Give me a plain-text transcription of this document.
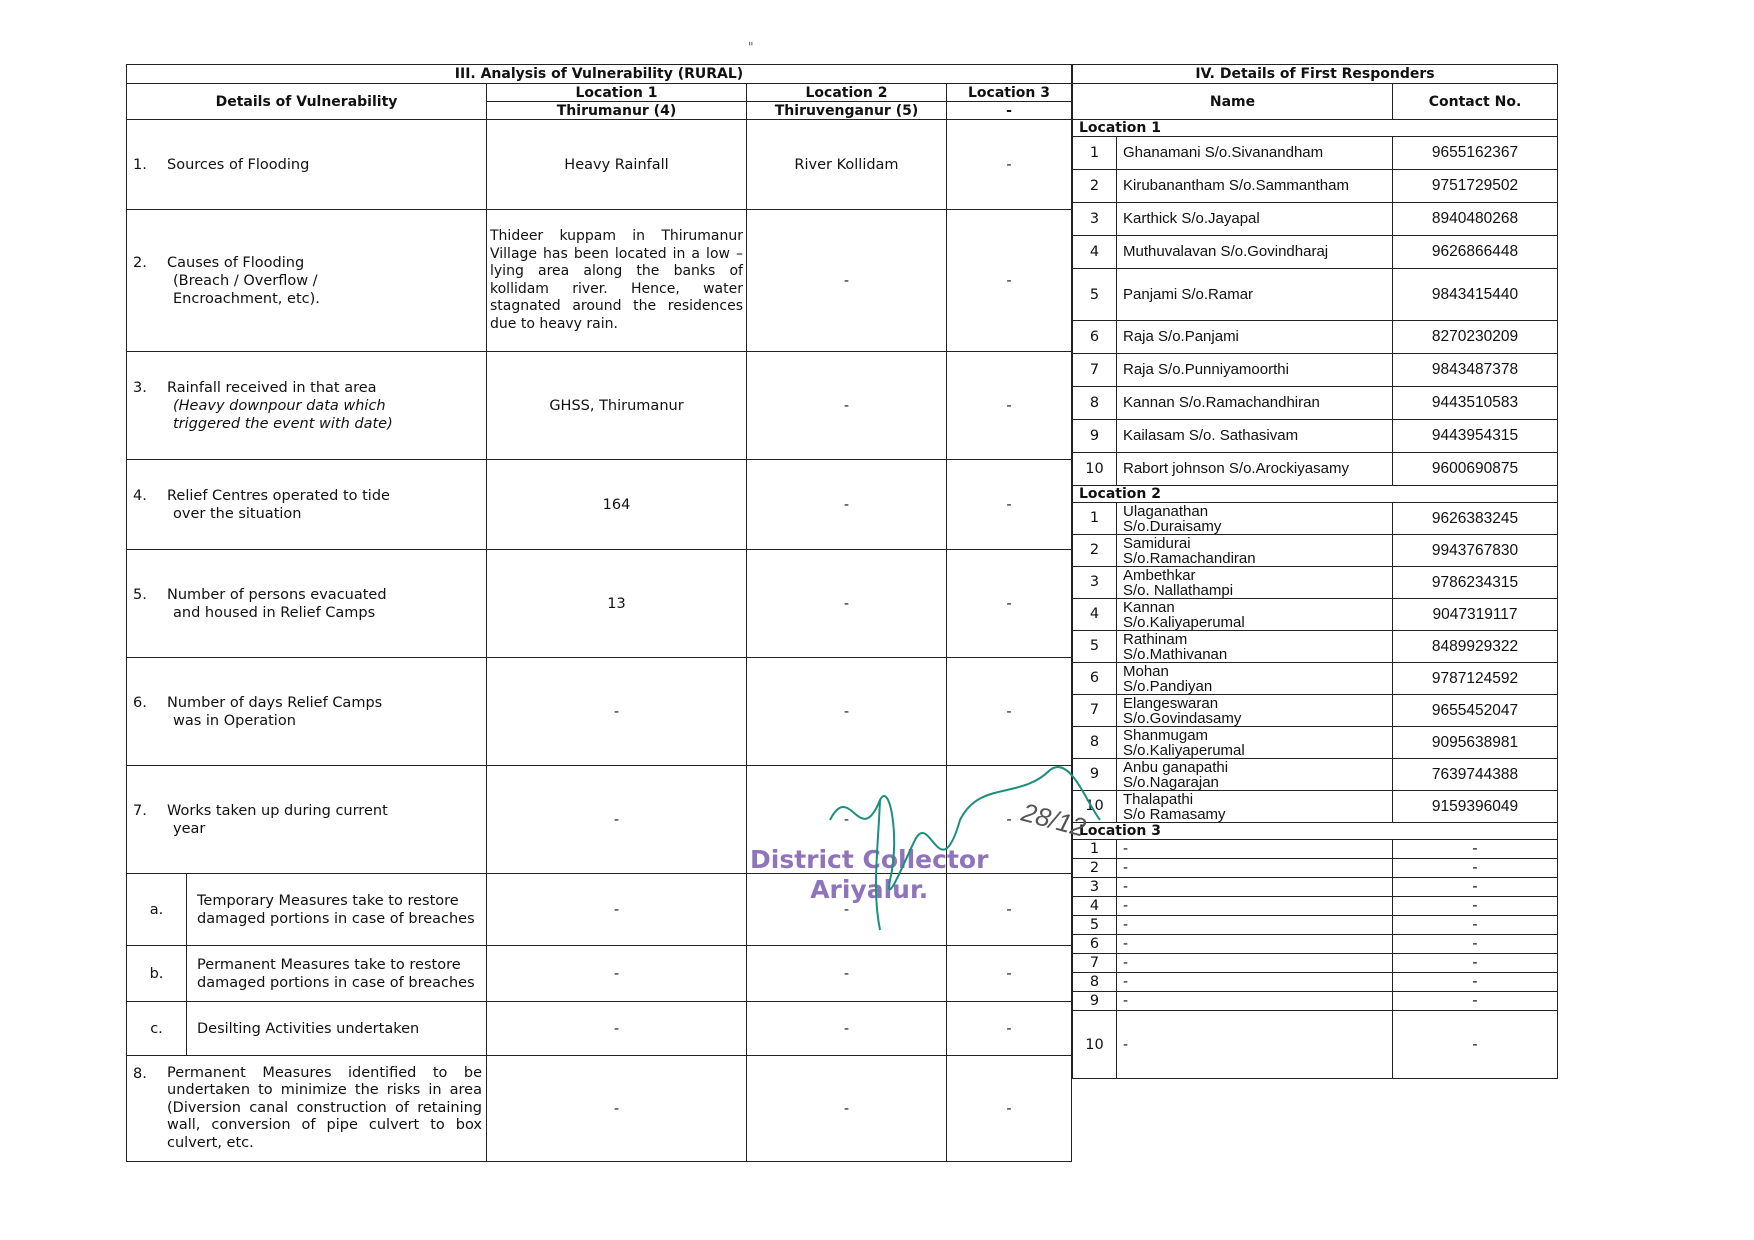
"
III. Analysis of Vulnerability (RURAL)				
Details of Vulnerability		Location 1	Location 2	Location 3
		Thirumanur (4)	Thiruvenganur (5)	-
1. Sources of Flooding		Heavy Rainfall	River Kollidam	-
2. Causes of Flooding
(Breach / Overflow /
Encroachment, etc).		Thideer kuppam in Thirumanur Village has been located in a low – lying area along the banks of kollidam river. Hence, water stagnated around the residences due to heavy rain.	-	-
3. Rainfall received in that area
(Heavy downpour data which
triggered the event with date)		GHSS, Thirumanur	-	-
4. Relief Centres operated to tide
over the situation		164	-	-
5. Number of persons evacuated
and housed in Relief Camps		13	-	-
6. Number of days Relief Camps
was in Operation		-	-	-
7. Works taken up during current
year		-	-	-
a.	Temporary Measures take to restore damaged portions in case of breaches	-	-	-
b.	Permanent Measures take to restore damaged portions in case of breaches	-	-	-
c.	Desilting Activities undertaken	-	-	-

8. Permanent Measures identified to be undertaken to minimize the risks in area (Diversion canal construction of retaining wall, conversion of pipe culvert to box culvert, etc.		-	-	-
IV. Details of First Responders		
Name		Contact No.
Location 1		
1	Ghanamani S/o.Sivanandham	9655162367
2	Kirubanantham S/o.Sammantham	9751729502
3	Karthick S/o.Jayapal	8940480268
4	Muthuvalavan S/o.Govindharaj	9626866448
5	Panjami S/o.Ramar	9843415440
6	Raja S/o.Panjami	8270230209
7	Raja S/o.Punniyamoorthi	9843487378
8	Kannan S/o.Ramachandhiran	9443510583
9	Kailasam S/o. Sathasivam	9443954315
10	Rabort johnson S/o.Arockiyasamy	9600690875
Location 2		
1	Ulaganathan
S/o.Duraisamy	9626383245
2	Samidurai
S/o.Ramachandiran	9943767830
3	Ambethkar
S/o. Nallathampi	9786234315
4	Kannan
S/o.Kaliyaperumal	9047319117
5	Rathinam
S/o.Mathivanan	8489929322
6	Mohan
S/o.Pandiyan	9787124592
7	Elangeswaran
S/o.Govindasamy	9655452047
8	Shanmugam
S/o.Kaliyaperumal	9095638981
9	Anbu ganapathi
S/o.Nagarajan	7639744388
10	Thalapathi
S/o Ramasamy	9159396049
Location 3		
1	-	-
2	-	-
3	-	-
4	-	-
5	-	-
6	-	-
7	-	-
8	-	-
9	-	-
10	-	-
District Collector
Ariyalur.
28/12
